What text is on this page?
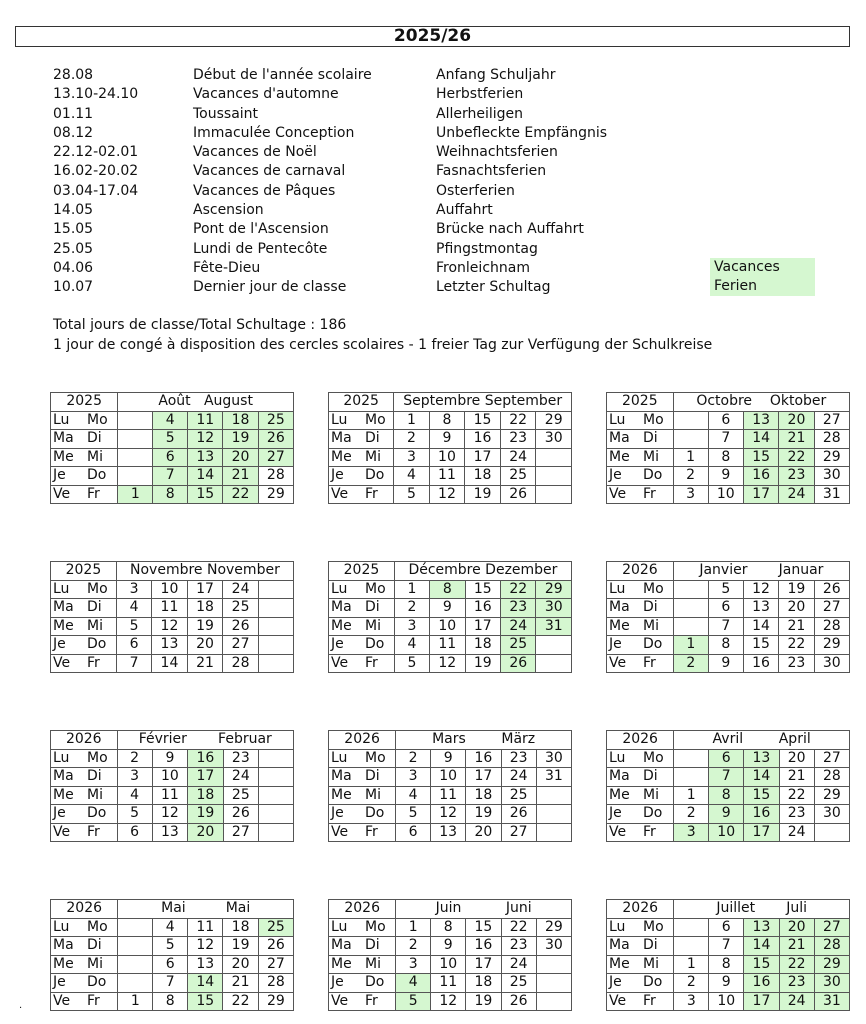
2025/26
28.08	Début de l'année scolaire	Anfang Schuljahr
13.10-24.10	Vacances d'automne	Herbstferien
01.11	Toussaint	Allerheiligen
08.12	Immaculée Conception	Unbefleckte Empfängnis
22.12-02.01	Vacances de Noël	Weihnachtsferien
16.02-20.02	Vacances de carnaval	Fasnachtsferien
03.04-17.04	Vacances de Pâques	Osterferien
14.05	Ascension	Auffahrt
15.05	Pont de l'Ascension	Brücke nach Auffahrt
25.05	Lundi de Pentecôte	Pfingstmontag
04.06	Fête-Dieu	Fronleichnam
10.07	Dernier jour de classe	Letzter Schultag
Vacances
Ferien
Total jours de classe/Total Schultage : 186
1 jour de congé à disposition des cercles scolaires - 1 freier Tag zur Verfügung der Schulkreise
2025	Août   August				
Lu Mo		4	11	18	25
Ma Di		5	12	19	26
Me Mi		6	13	20	27
Je Do		7	14	21	28
Ve Fr	1	8	15	22	29
2025	Septembre September				
Lu Mo	1	8	15	22	29
Ma Di	2	9	16	23	30
Me Mi	3	10	17	24	
Je Do	4	11	18	25	
Ve Fr	5	12	19	26	
2025	Octobre    Oktober				
Lu Mo		6	13	20	27
Ma Di		7	14	21	28
Me Mi	1	8	15	22	29
Je Do	2	9	16	23	30
Ve Fr	3	10	17	24	31
2025	Novembre November				
Lu Mo	3	10	17	24	
Ma Di	4	11	18	25	
Me Mi	5	12	19	26	
Je Do	6	13	20	27	
Ve Fr	7	14	21	28	
2025	Décembre Dezember				
Lu Mo	1	8	15	22	29
Ma Di	2	9	16	23	30
Me Mi	3	10	17	24	31
Je Do	4	11	18	25	
Ve Fr	5	12	19	26	
2026	Janvier       Januar				
Lu Mo		5	12	19	26
Ma Di		6	13	20	27
Me Mi		7	14	21	28
Je Do	1	8	15	22	29
Ve Fr	2	9	16	23	30
2026	Février       Februar				
Lu Mo	2	9	16	23	
Ma Di	3	10	17	24	
Me Mi	4	11	18	25	
Je Do	5	12	19	26	
Ve Fr	6	13	20	27	
2026	Mars        März				
Lu Mo	2	9	16	23	30
Ma Di	3	10	17	24	31
Me Mi	4	11	18	25	
Je Do	5	12	19	26	
Ve Fr	6	13	20	27	
2026	Avril        April				
Lu Mo		6	13	20	27
Ma Di		7	14	21	28
Me Mi	1	8	15	22	29
Je Do	2	9	16	23	30
Ve Fr	3	10	17	24	
2026	Mai         Mai				
Lu Mo		4	11	18	25
Ma Di		5	12	19	26
Me Mi		6	13	20	27
Je Do		7	14	21	28
Ve Fr	1	8	15	22	29
2026	Juin          Juni				
Lu Mo	1	8	15	22	29
Ma Di	2	9	16	23	30
Me Mi	3	10	17	24	
Je Do	4	11	18	25	
Ve Fr	5	12	19	26	
2026	Juillet       Juli				
Lu Mo		6	13	20	27
Ma Di		7	14	21	28
Me Mi	1	8	15	22	29
Je Do	2	9	16	23	30
Ve Fr	3	10	17	24	31
.
